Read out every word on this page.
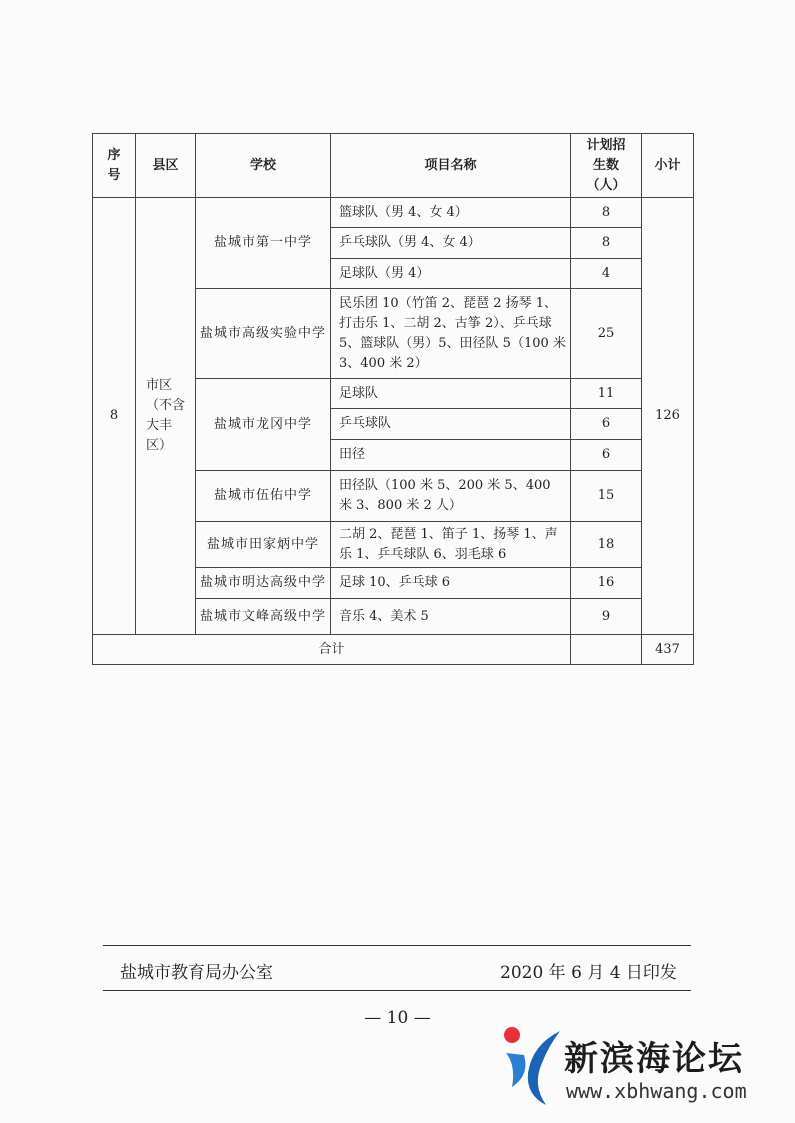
序号	县区	学校	项目名称	计划招生数（人）	小计
8	市区（不含大丰区）	盐城市第一中学	篮球队（男 4、女 4）	8	126
			乒乓球队（男 4、女 4）	8	
			足球队（男 4）	4	
		盐城市高级实验中学	民乐团 10（竹笛 2、琵琶 2 扬琴 1、打击乐 1、二胡 2、古筝 2）、乒乓球 5、篮球队（男）5、田径队 5（100 米 3、400 米 2）	25	
		盐城市龙冈中学	足球队	11	
			乒乓球队	6	
			田径	6	
		盐城市伍佑中学	田径队（100 米 5、200 米 5、400 米 3、800 米 2 人）	15	
		盐城市田家炳中学	二胡 2、琵琶 1、笛子 1、扬琴 1、声乐 1、乒乓球队 6、羽毛球 6	18	
		盐城市明达高级中学	足球 10、乒乓球 6	16	
		盐城市文峰高级中学	音乐 4、美术 5	9	
合计					437
盐城市教育局办公室	2020 年 6 月 4 日印发
— 10 —
新滨海论坛
www.xbhwang.com
